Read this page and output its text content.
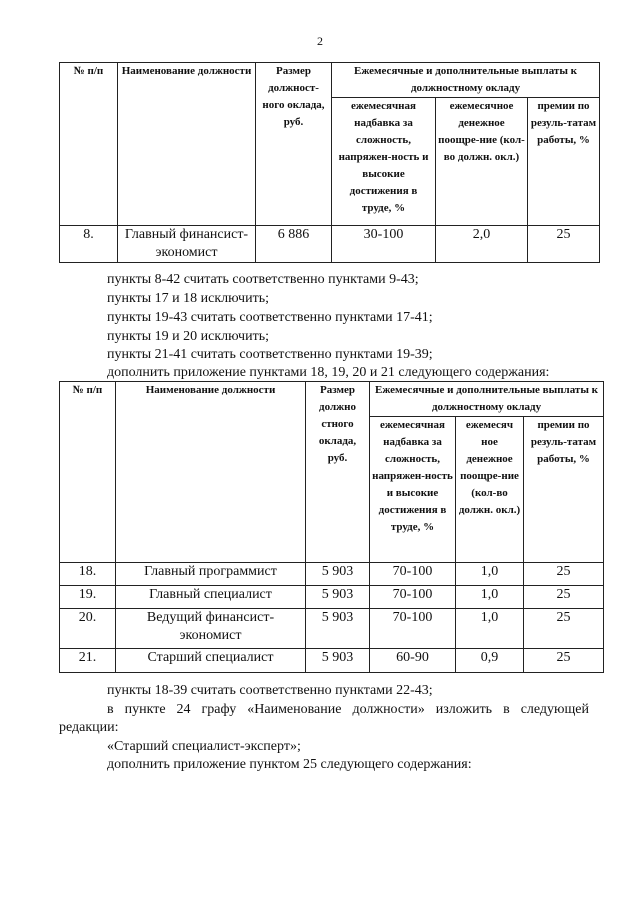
2
№ п/п	Наименование должности	Размер должност-ного оклада, руб.	Ежемесячные и дополнительные выплаты к должностному окладу		
			ежемесячная надбавка за сложность, напряжен-ность и высокие достижения в труде, %	ежемесячное денежное поощре-ние (кол-во должн. окл.)	премии по резуль-татам работы, %
8.	Главный финансист-экономист	6 886	30-100	2,0	25
пункты 8-42 считать соответственно пунктами 9-43;
пункты 17 и 18 исключить;
пункты 19-43 считать соответственно пунктами 17-41;
пункты 19 и 20 исключить;
пункты 21-41 считать соответственно пунктами 19-39;
дополнить приложение пунктами 18, 19, 20 и 21 следующего содержания:
№ п/п	Наименование должности	Размер должно стного оклада, руб.	Ежемесячные и дополнительные выплаты к должностному окладу		
			ежемесячная надбавка за сложность, напряжен-ность и высокие достижения в труде, %	ежемесяч ное денежное поощре-ние (кол-во должн. окл.)	премии по резуль-татам работы, %
18.	Главный программист	5 903	70-100	1,0	25
19.	Главный специалист	5 903	70-100	1,0	25
20.	Ведущий финансист-экономист	5 903	70-100	1,0	25
21.	Старший специалист	5 903	60-90	0,9	25
пункты 18-39 считать соответственно пунктами 22-43;
в пункте 24 графу «Наименование должности» изложить в следующей
редакции:
«Старший специалист-эксперт»;
дополнить приложение пунктом 25 следующего содержания:
